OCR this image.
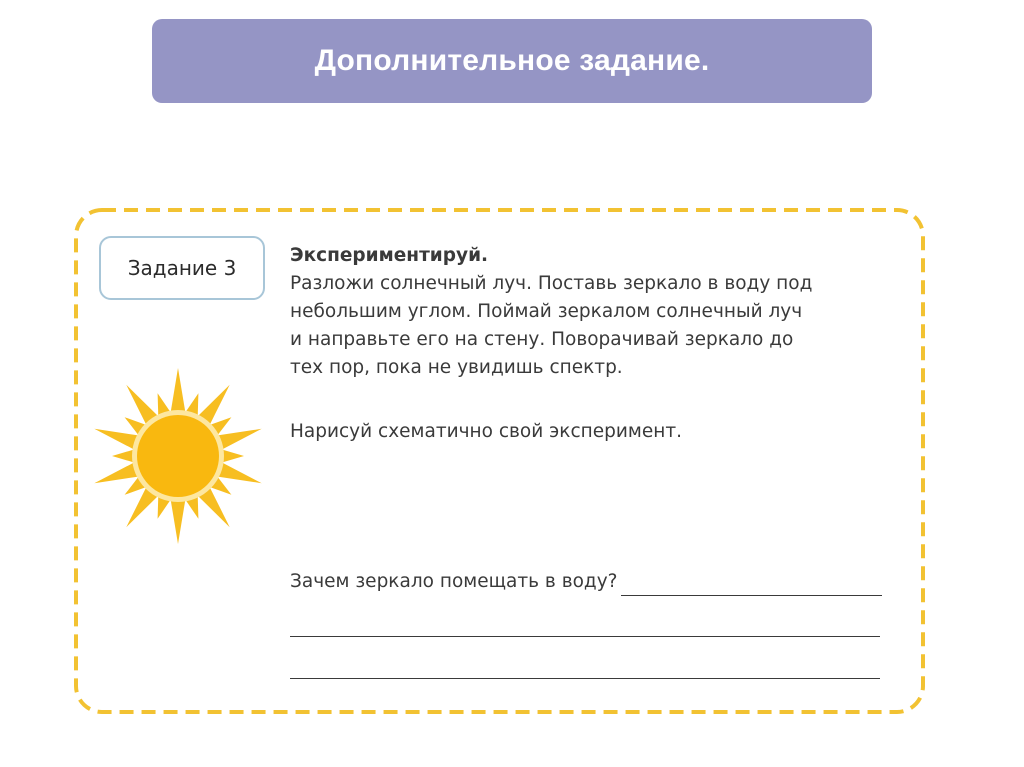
Дополнительное задание.
Задание 3
Экспериментируй.
Разложи солнечный луч. Поставь зеркало в воду под
небольшим углом. Поймай зеркалом солнечный луч
и направьте его на стену. Поворачивай зеркало до
тех пор, пока не увидишь спектр.
Нарисуй схематично свой эксперимент.
Зачем зеркало помещать в воду?
